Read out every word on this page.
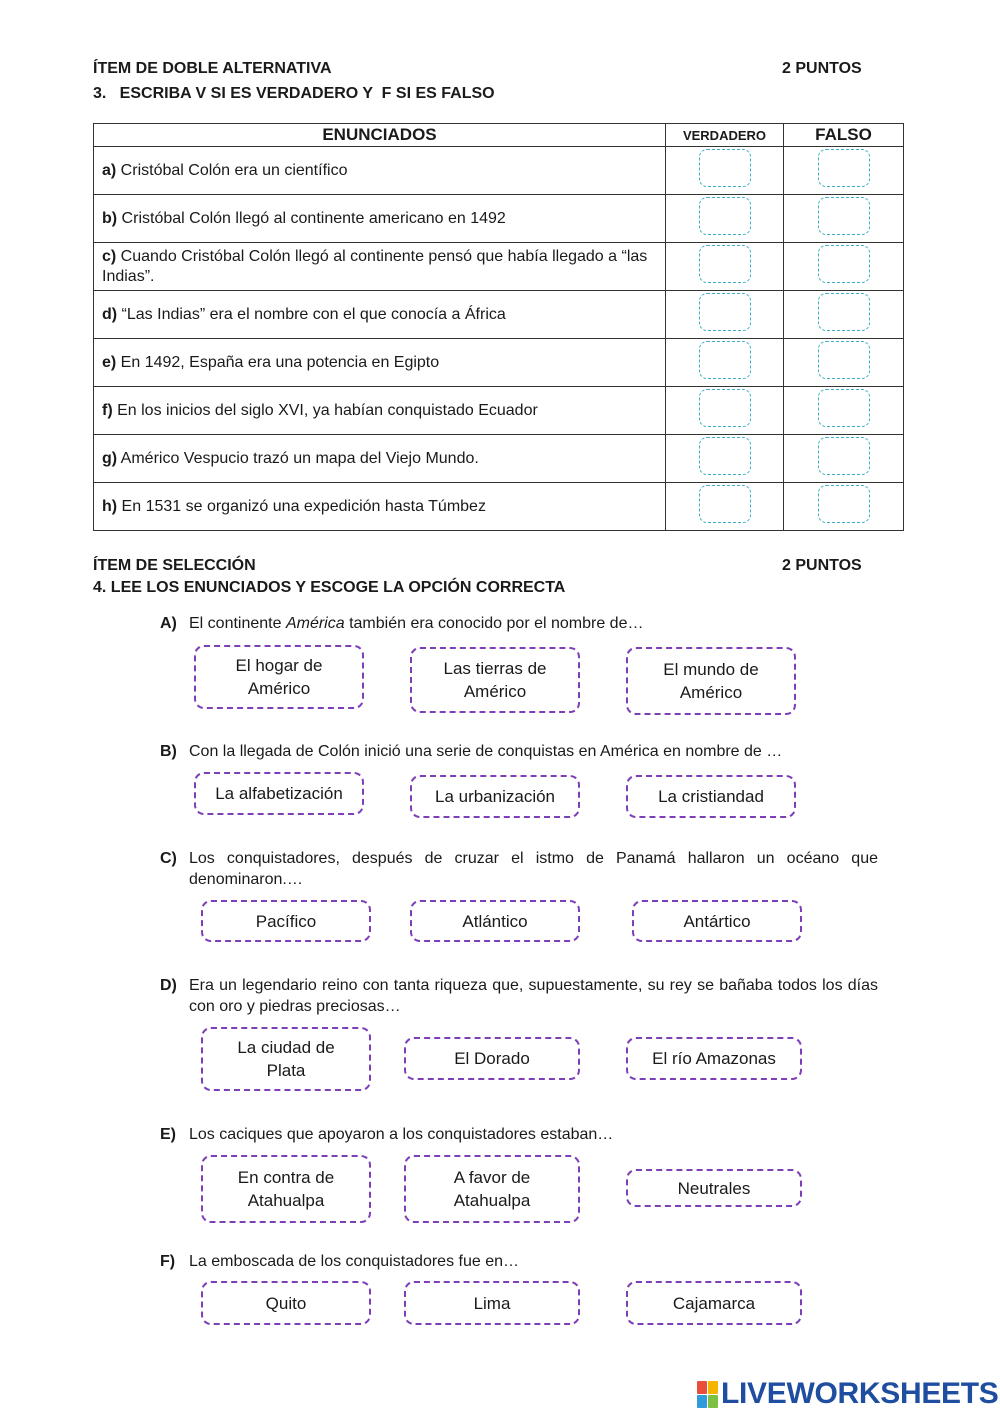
ÍTEM DE DOBLE ALTERNATIVA	2 PUNTOS
3.   ESCRIBA V SI ES VERDADERO Y  F SI ES FALSO
ENUNCIADOS	VERDADERO	FALSO
a) Cristóbal Colón era un científico		
b) Cristóbal Colón llegó al continente americano en 1492		
c) Cuando Cristóbal Colón llegó al continente pensó que había llegado a “las Indias”.		
d) “Las Indias” era el nombre con el que conocía a África		
e) En 1492, España era una potencia en Egipto		
f) En los inicios del siglo XVI, ya habían conquistado Ecuador		
g) Américo Vespucio trazó un mapa del Viejo Mundo.		
h) En 1531 se organizó una expedición hasta Túmbez		
ÍTEM DE SELECCIÓN	2 PUNTOS
4. LEE LOS ENUNCIADOS Y ESCOGE LA OPCIÓN CORRECTA
A) El continente América también era conocido por el nombre de…
El hogar de
Américo
Las tierras de
Américo
El mundo de
Américo
B) Con la llegada de Colón inició una serie de conquistas en América en nombre de …
La alfabetización	La urbanización	La cristiandad
C) Los conquistadores, después de cruzar el istmo de Panamá hallaron un océano que denominaron.…
Pacífico	Atlántico	Antártico
D) Era un legendario reino con tanta riqueza que, supuestamente, su rey se bañaba todos los días con oro y piedras preciosas…
La ciudad de
Plata
El Dorado	El río Amazonas
E) Los caciques que apoyaron a los conquistadores estaban…
En contra de
Atahualpa
A favor de
Atahualpa
Neutrales
F) La emboscada de los conquistadores fue en…
Quito	Lima	Cajamarca
LIVEWORKSHEETS
